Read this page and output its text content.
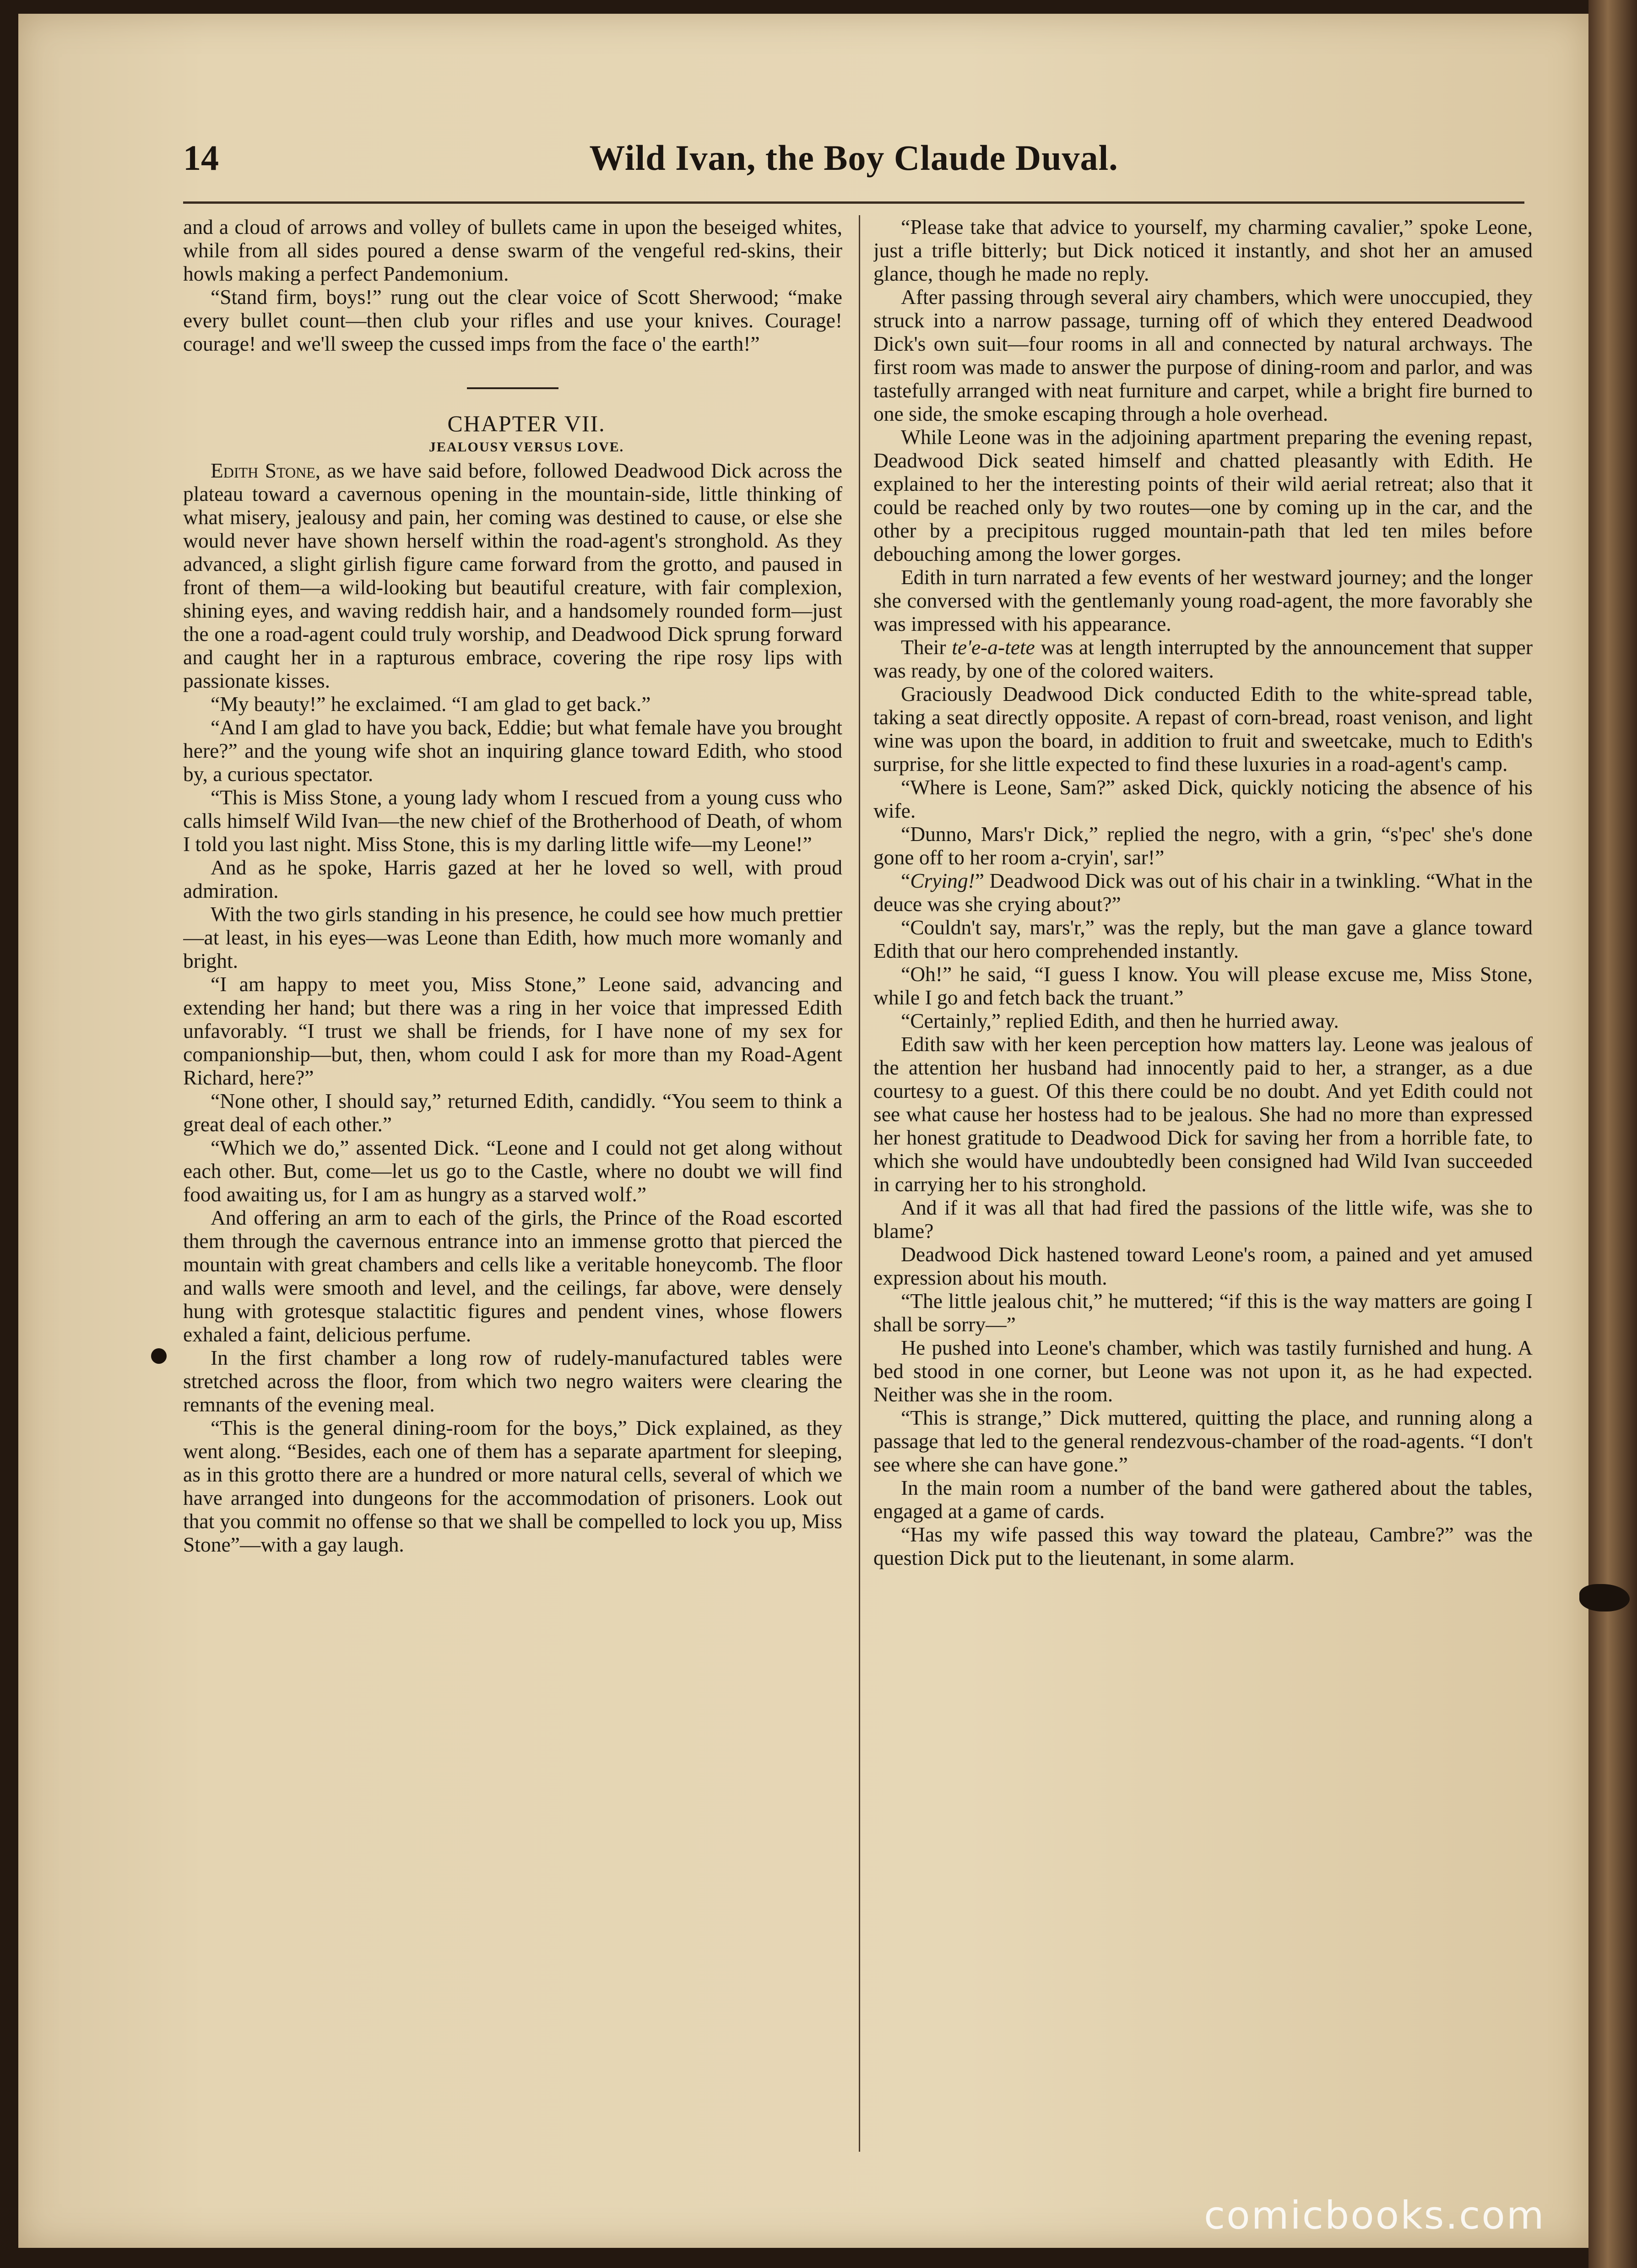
14	Wild Ivan, the Boy Claude Duval.

and a cloud of arrows and volley of bullets came in upon the beseiged whites, while from all sides poured a dense swarm of the vengeful red-skins, their howls making a perfect Pandemonium.

“Stand firm, boys!” rung out the clear voice of Scott Sherwood; “make every bullet count—then club your rifles and use your knives. Courage! courage! and we'll sweep the cussed imps from the face o' the earth!”

CHAPTER VII.

JEALOUSY VERSUS LOVE.

Edith Stone, as we have said before, followed Deadwood Dick across the plateau toward a cavernous opening in the mountain-side, little thinking of what misery, jealousy and pain, her coming was destined to cause, or else she would never have shown herself within the road-agent's stronghold. As they advanced, a slight girlish figure came forward from the grotto, and paused in front of them—a wild-looking but beautiful creature, with fair complexion, shining eyes, and waving reddish hair, and a handsomely rounded form—just the one a road-agent could truly worship, and Deadwood Dick sprung forward and caught her in a rapturous embrace, covering the ripe rosy lips with passionate kisses.

“My beauty!” he exclaimed. “I am glad to get back.”

“And I am glad to have you back, Eddie; but what female have you brought here?” and the young wife shot an inquiring glance toward Edith, who stood by, a curious spectator.

“This is Miss Stone, a young lady whom I rescued from a young cuss who calls himself Wild Ivan—the new chief of the Brotherhood of Death, of whom I told you last night. Miss Stone, this is my darling little wife—my Leone!”

And as he spoke, Harris gazed at her he loved so well, with proud admiration.

With the two girls standing in his presence, he could see how much prettier—at least, in his eyes—was Leone than Edith, how much more womanly and bright.

“I am happy to meet you, Miss Stone,” Leone said, advancing and extending her hand; but there was a ring in her voice that impressed Edith unfavorably. “I trust we shall be friends, for I have none of my sex for companionship—but, then, whom could I ask for more than my Road-Agent Richard, here?”

“None other, I should say,” returned Edith, candidly. “You seem to think a great deal of each other.”

“Which we do,” assented Dick. “Leone and I could not get along without each other. But, come—let us go to the Castle, where no doubt we will find food awaiting us, for I am as hungry as a starved wolf.”

And offering an arm to each of the girls, the Prince of the Road escorted them through the cavernous entrance into an immense grotto that pierced the mountain with great chambers and cells like a veritable honeycomb. The floor and walls were smooth and level, and the ceilings, far above, were densely hung with grotesque stalactitic figures and pendent vines, whose flowers exhaled a faint, delicious perfume.

In the first chamber a long row of rudely-manufactured tables were stretched across the floor, from which two negro waiters were clearing the remnants of the evening meal.

“This is the general dining-room for the boys,” Dick explained, as they went along. “Besides, each one of them has a separate apartment for sleeping, as in this grotto there are a hundred or more natural cells, several of which we have arranged into dungeons for the accommodation of prisoners. Look out that you commit no offense so that we shall be compelled to lock you up, Miss Stone”—with a gay laugh.

“Please take that advice to yourself, my charming cavalier,” spoke Leone, just a trifle bitterly; but Dick noticed it instantly, and shot her an amused glance, though he made no reply.

After passing through several airy chambers, which were unoccupied, they struck into a narrow passage, turning off of which they entered Deadwood Dick's own suit—four rooms in all and connected by natural archways. The first room was made to answer the purpose of dining-room and parlor, and was tastefully arranged with neat furniture and carpet, while a bright fire burned to one side, the smoke escaping through a hole overhead.

While Leone was in the adjoining apartment preparing the evening repast, Deadwood Dick seated himself and chatted pleasantly with Edith. He explained to her the interesting points of their wild aerial retreat; also that it could be reached only by two routes—one by coming up in the car, and the other by a precipitous rugged mountain-path that led ten miles before debouching among the lower gorges.

Edith in turn narrated a few events of her westward journey; and the longer she conversed with the gentlemanly young road-agent, the more favorably she was impressed with his appearance.

Their te'e-a-tete was at length interrupted by the announcement that supper was ready, by one of the colored waiters.

Graciously Deadwood Dick conducted Edith to the white-spread table, taking a seat directly opposite. A repast of corn-bread, roast venison, and light wine was upon the board, in addition to fruit and sweetcake, much to Edith's surprise, for she little expected to find these luxuries in a road-agent's camp.

“Where is Leone, Sam?” asked Dick, quickly noticing the absence of his wife.

“Dunno, Mars'r Dick,” replied the negro, with a grin, “s'pec' she's done gone off to her room a-cryin', sar!”

“Crying!” Deadwood Dick was out of his chair in a twinkling. “What in the deuce was she crying about?”

“Couldn't say, mars'r,” was the reply, but the man gave a glance toward Edith that our hero comprehended instantly.

“Oh!” he said, “I guess I know. You will please excuse me, Miss Stone, while I go and fetch back the truant.”

“Certainly,” replied Edith, and then he hurried away.

Edith saw with her keen perception how matters lay. Leone was jealous of the attention her husband had innocently paid to her, a stranger, as a due courtesy to a guest. Of this there could be no doubt. And yet Edith could not see what cause her hostess had to be jealous. She had no more than expressed her honest gratitude to Deadwood Dick for saving her from a horrible fate, to which she would have undoubtedly been consigned had Wild Ivan succeeded in carrying her to his stronghold.

And if it was all that had fired the passions of the little wife, was she to blame?

Deadwood Dick hastened toward Leone's room, a pained and yet amused expression about his mouth.

“The little jealous chit,” he muttered; “if this is the way matters are going I shall be sorry—”

He pushed into Leone's chamber, which was tastily furnished and hung. A bed stood in one corner, but Leone was not upon it, as he had expected. Neither was she in the room.

“This is strange,” Dick muttered, quitting the place, and running along a passage that led to the general rendezvous-chamber of the road-agents. “I don't see where she can have gone.”

In the main room a number of the band were gathered about the tables, engaged at a game of cards.

“Has my wife passed this way toward the plateau, Cambre?” was the question Dick put to the lieutenant, in some alarm.

comicbooks.com
